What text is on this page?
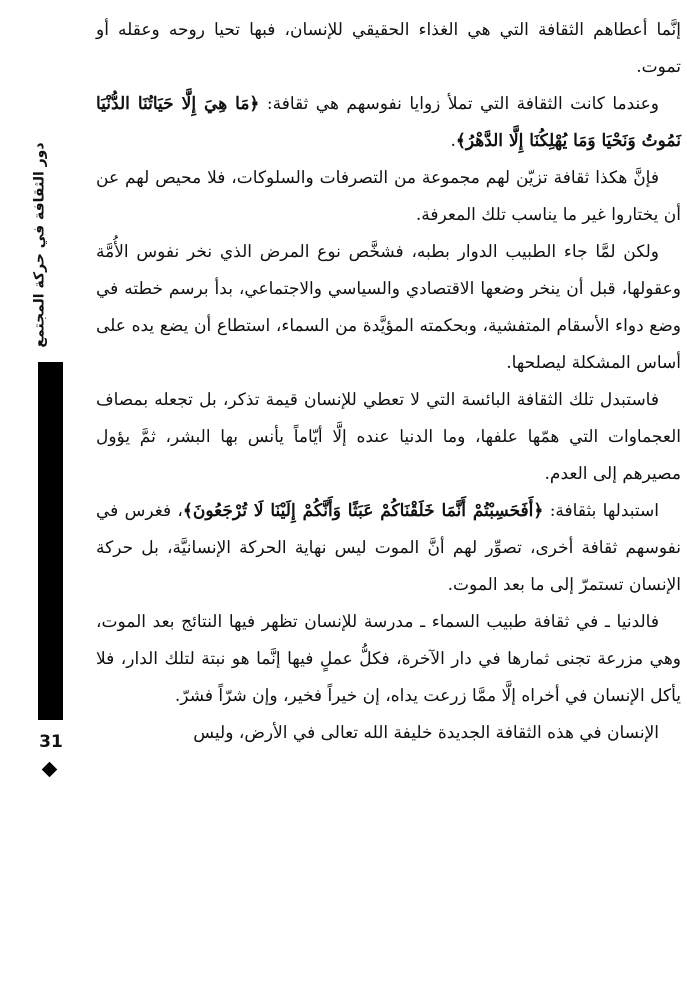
إنَّما أعطاهم الثقافة التي هي الغذاء الحقيقي للإنسان، فبها تحيا روحه وعقله أو تموت.

وعندما كانت الثقافة التي تملأ زوايا نفوسهم هي ثقافة: ﴿مَا هِيَ إِلَّا حَيَاتُنَا الدُّنْيَا نَمُوتُ وَنَحْيَا وَمَا يُهْلِكُنَا إِلَّا الدَّهْرُ﴾.

فإنَّ هكذا ثقافة تزيّن لهم مجموعة من التصرفات والسلوكات، فلا محيص لهم عن أن يختاروا غير ما يناسب تلك المعرفة.

ولكن لمَّا جاء الطبيب الدوار بطبه، فشخَّص نوع المرض الذي نخر نفوس الأُمَّة وعقولها، قبل أن ينخر وضعها الاقتصادي والسياسي والاجتماعي، بدأ برسم خطته في وضع دواء الأسقام المتفشية، وبحكمته المؤيَّدة من السماء، استطاع أن يضع يده على أساس المشكلة ليصلحها.

فاستبدل تلك الثقافة البائسة التي لا تعطي للإنسان قيمة تذكر، بل تجعله بمصاف العجماوات التي همّها علفها، وما الدنيا عنده إلَّا أيّاماً يأنس بها البشر، ثمَّ يؤول مصيرهم إلى العدم.

استبدلها بثقافة: ﴿أَفَحَسِبْتُمْ أَنَّمَا خَلَقْنَاكُمْ عَبَثًا وَأَنَّكُمْ إِلَيْنَا لَا تُرْجَعُونَ﴾، فغرس في نفوسهم ثقافة أخرى، تصوِّر لهم أنَّ الموت ليس نهاية الحركة الإنسانيَّة، بل حركة الإنسان تستمرّ إلى ما بعد الموت.

فالدنيا ـ في ثقافة طبيب السماء ـ مدرسة للإنسان تظهر فيها النتائج بعد الموت، وهي مزرعة تجنى ثمارها في دار الآخرة، فكلُّ عملٍ فيها إنَّما هو نبتة لتلك الدار، فلا يأكل الإنسان في أخراه إلَّا ممَّا زرعت يداه، إن خيراً فخير، وإن شرّاً فشرّ.

الإنسان في هذه الثقافة الجديدة خليفة الله تعالى في الأرض، وليس

دور الثقافة في حركة المجتمع
31
